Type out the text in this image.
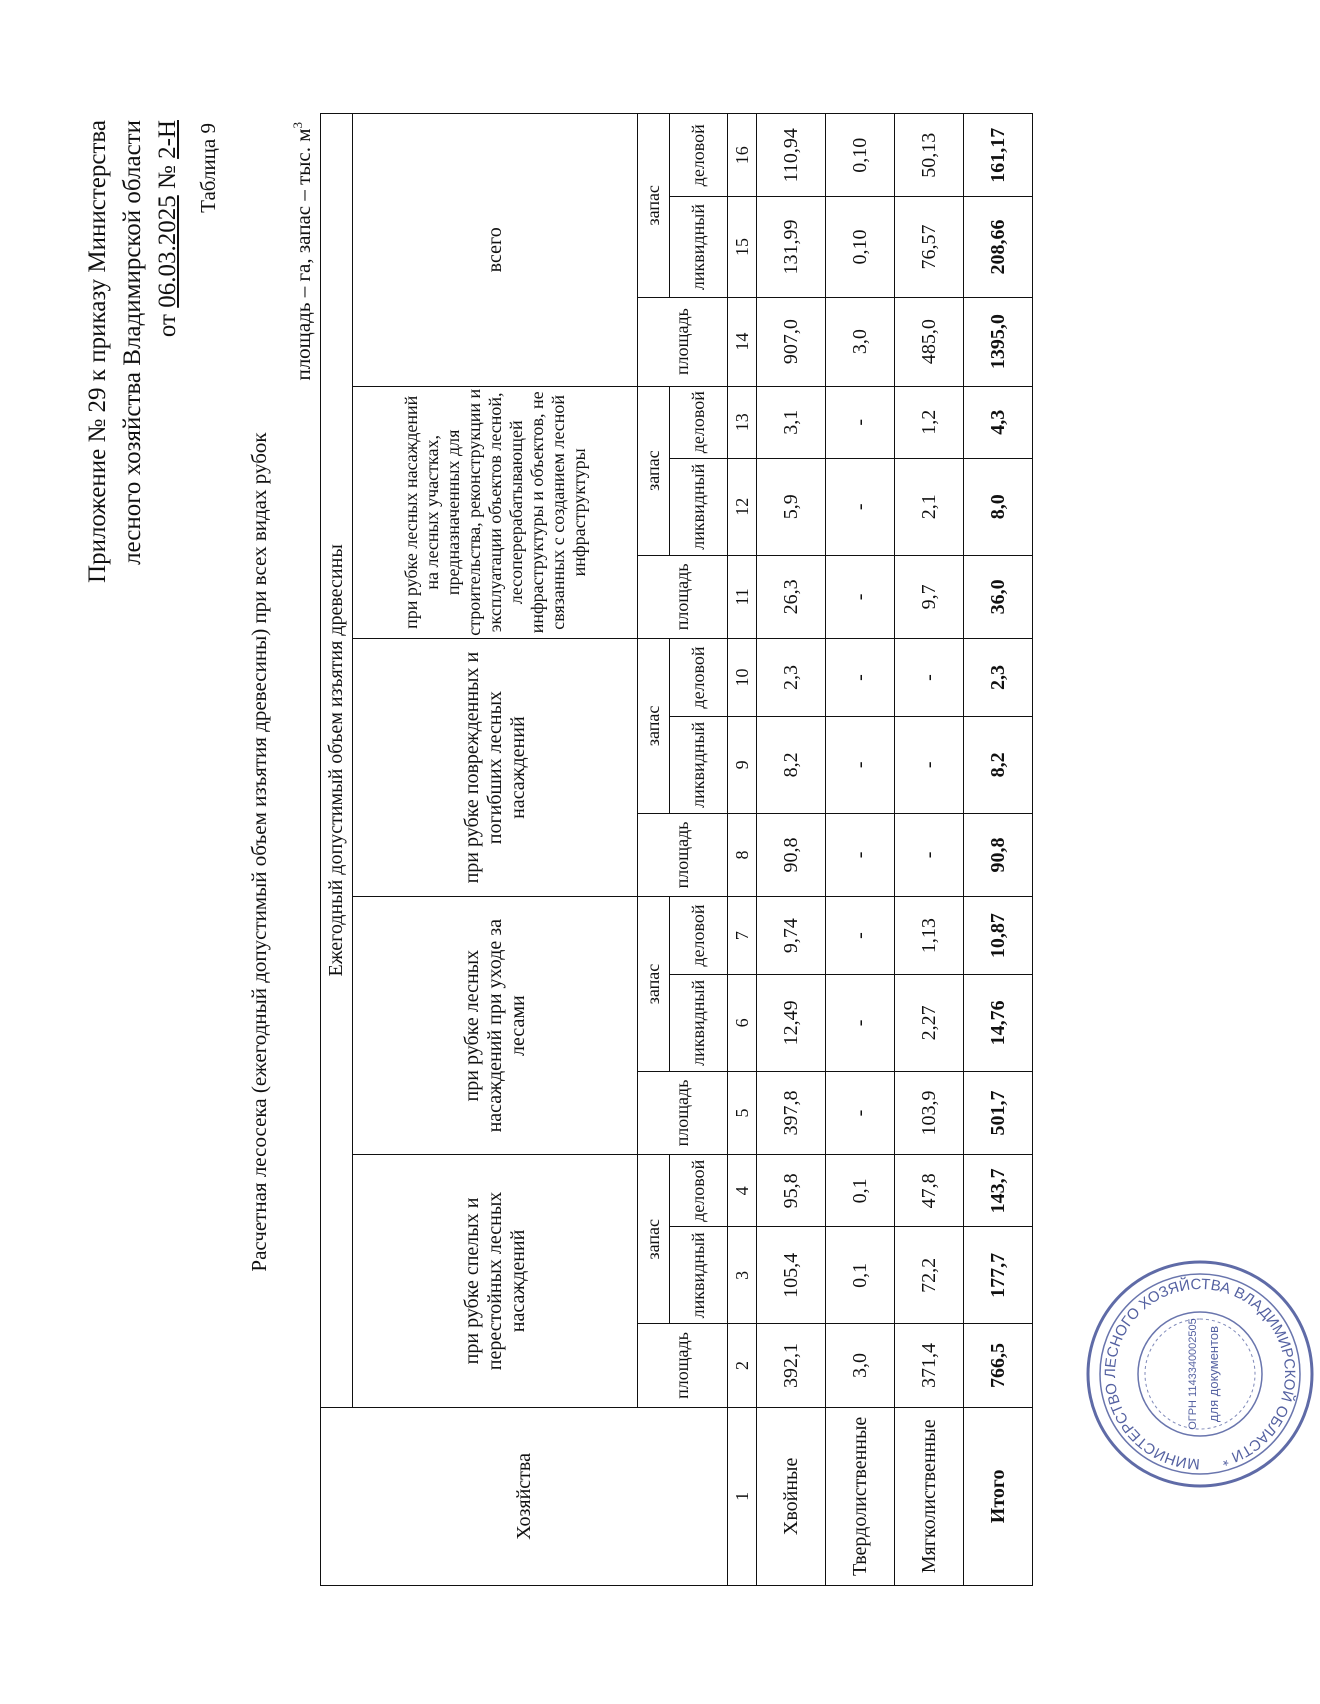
Приложение № 29 к приказу Министерства лесного хозяйства Владимирской области от 06.03.2025 № 2-Н Таблица 9
Расчетная лесосека (ежегодный допустимый объем изъятия древесины) при всех видах рубок
площадь – га, запас – тыс. $м^3$
Хозяйства	Ежегодный допустимый объем изъятия древесины														
	при рубке спелых и перестойных лесных насаждений			при рубке лесных насаждений при уходе за лесами			при рубке поврежденных и погибших лесных насаждений			при рубке лесных насаждений на лесных участках, предназначенных для строительства, реконструкции и эксплуатации объектов лесной, лесоперерабатывающей инфраструктуры и объектов, не связанных с созданием лесной инфраструктуры			всего		
	площадь	запас		площадь	запас		площадь	запас		площадь	запас		площадь	запас	
		ликвидный	деловой		ликвидный	деловой		ликвидный	деловой		ликвидный	деловой		ликвидный	деловой
1	2	3	4	5	6	7	8	9	10	11	12	13	14	15	16
Хвойные	392,1	105,4	95,8	397,8	12,49	9,74	90,8	8,2	2,3	26,3	5,9	3,1	907,0	131,99	110,94
Твердолиственные	3,0	0,1	0,1	-	-	-	-	-	-	-	-	-	3,0	0,10	0,10
Мягколиственные	371,4	72,2	47,8	103,9	2,27	1,13	-	-	-	9,7	2,1	1,2	485,0	76,57	50,13
Итого	766,5	177,7	143,7	501,7	14,76	10,87	90,8	8,2	2,3	36,0	8,0	4,3	1395,0	208,66	161,17
МИНИСТЕРСТВО ЛЕСНОГО ХОЗЯЙСТВА ВЛАДИМИРСКОЙ ОБЛАСТИ *
ОГРН 1143340002505 для документов
